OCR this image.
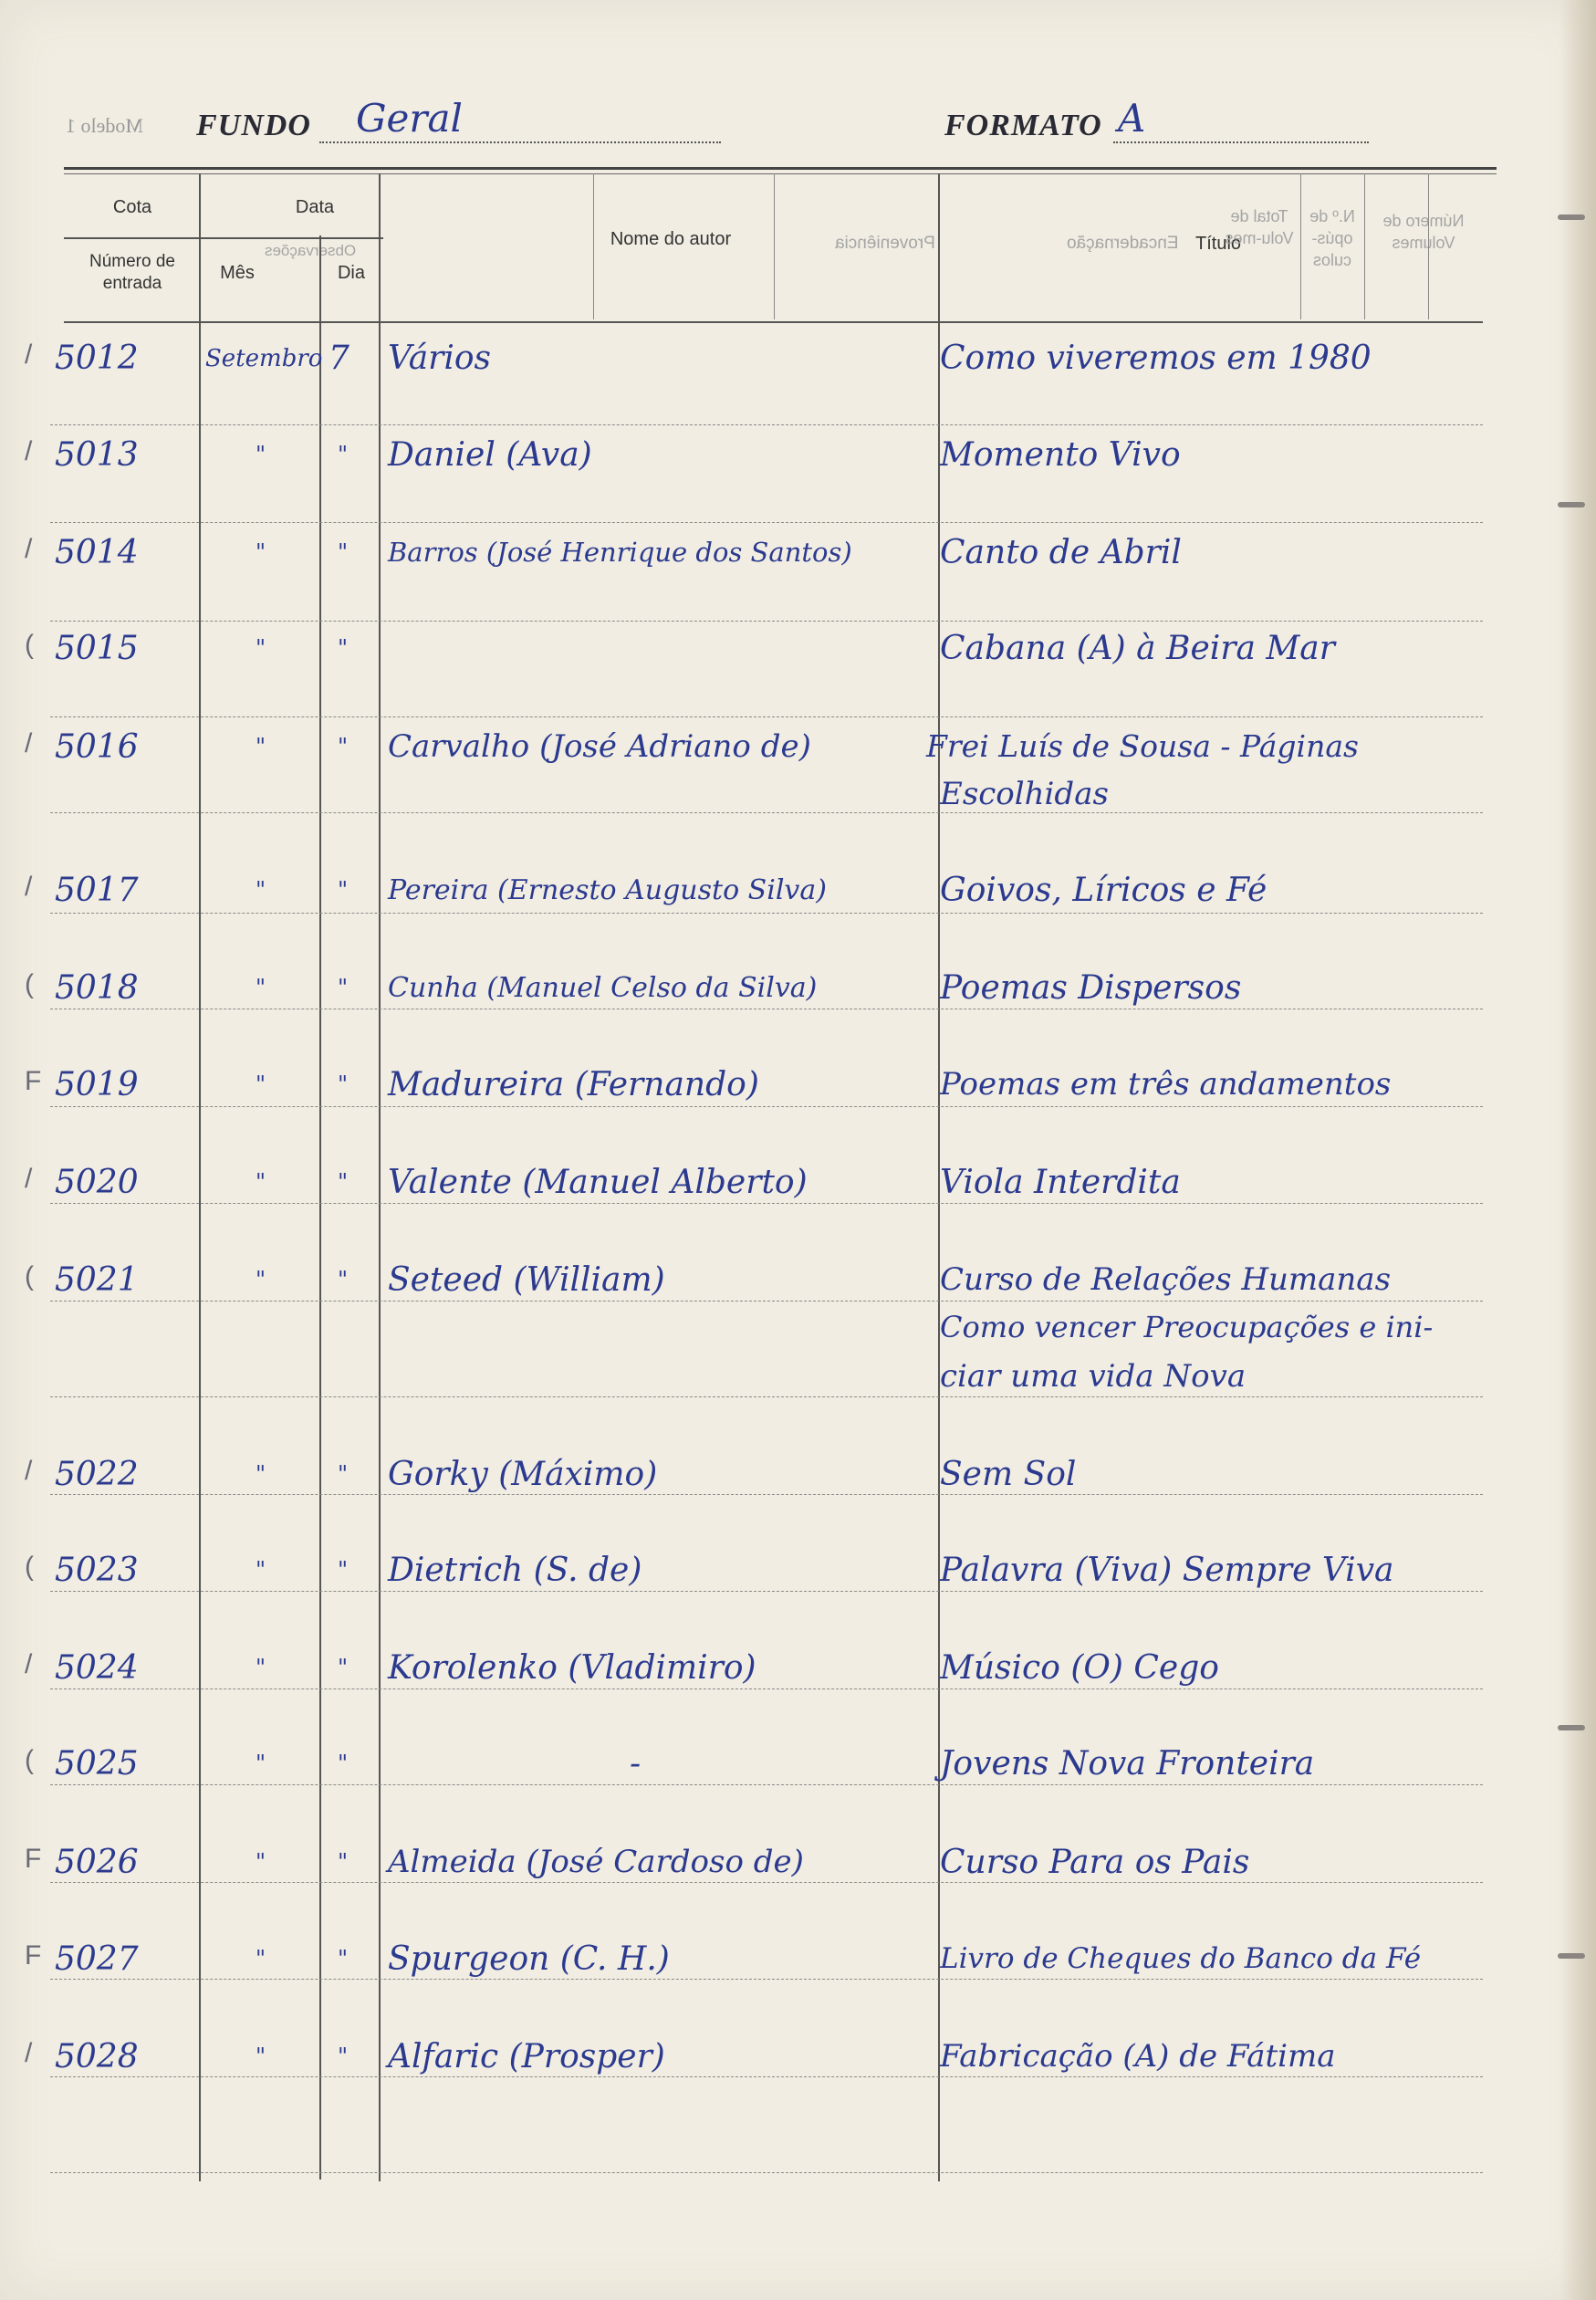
Modelo 1 FUNDO Geral	FORMATO A
Cota
Número de entrada
Data
Observações
Mês	Dia
Nome do autor	Proveniência	Encadernação Título
Total de Volu-mes
N.º de opús-culos
Número de Volumes
/ 5012	Setembro 7 Vários	Como viveremos em 1980
/ 5013	"	" Daniel (Ava)	Momento Vivo
/ 5014	"	" Barros (José Henrique dos Santos)	Canto de Abril
( 5015	"	"	Cabana (A) à Beira Mar
/ 5016	"	" Carvalho (José Adriano de)	Frei Luís de Sousa - Páginas
Escolhidas
/ 5017	"	" Pereira (Ernesto Augusto Silva)	Goivos, Líricos e Fé
( 5018	"	" Cunha (Manuel Celso da Silva)	Poemas Dispersos
F 5019	"	" Madureira (Fernando)	Poemas em três andamentos
/ 5020	"	" Valente (Manuel Alberto)	Viola Interdita
( 5021	"	" Seteed (William)	Curso de Relações Humanas
Como vencer Preocupações e ini-
ciar uma vida Nova
/ 5022	"	" Gorky (Máximo)	Sem Sol
( 5023	"	" Dietrich (S. de)	Palavra (Viva) Sempre Viva
/ 5024	"	" Korolenko (Vladimiro)	Músico (O) Cego
( 5025	"	"	-	Jovens Nova Fronteira
F 5026	"	" Almeida (José Cardoso de)	Curso Para os Pais
F 5027	"	" Spurgeon (C. H.)	Livro de Cheques do Banco da Fé
/ 5028	"	" Alfaric (Prosper)	Fabricação (A) de Fátima
